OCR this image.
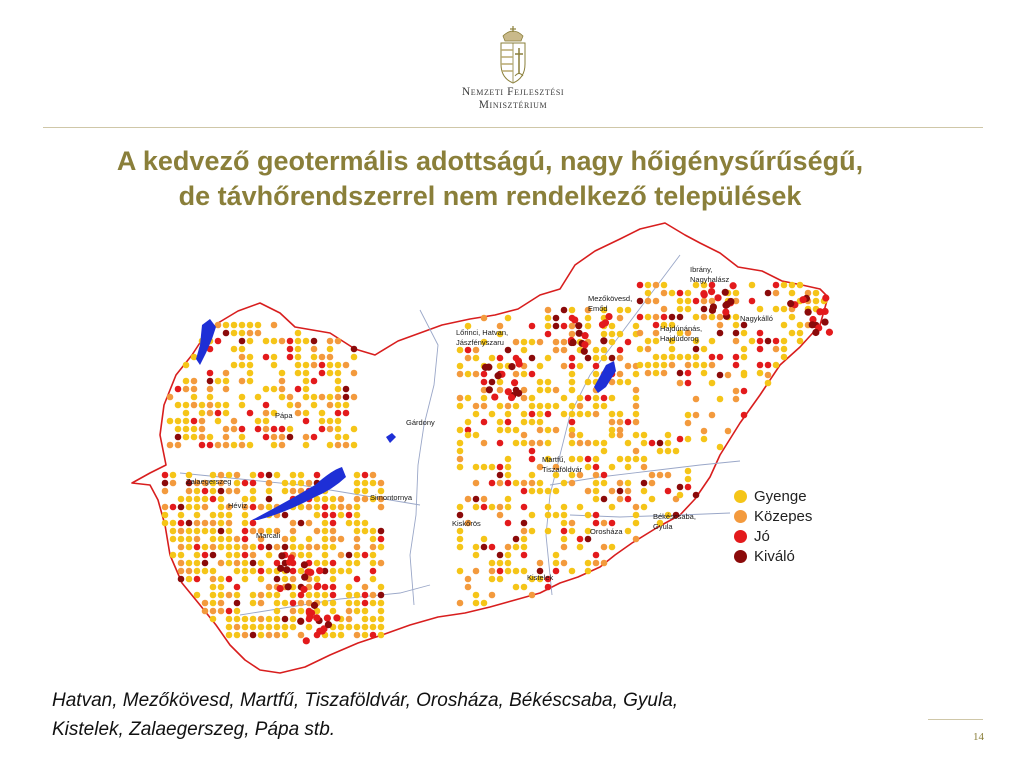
Nemzeti Fejlesztési
Minisztérium
A kedvező geotermális adottságú, nagy hőigénysűrűségű,
de távhőrendszerrel nem rendelkező települések
Ibrány,
Nagyhalász
Mezőkövesd,
Emőd
Nagykálló
Hajdúnánás,
Hajdúdorog
Lőrinci, Hatvan,
Jászfényszaru
Pápa
Gárdony
Martfű,
Tiszaföldvár
Zalaegerszeg
Hévíz
Simontornya
Marcali
Kiskőrös
Békéscsaba,
Gyula
Orosháza
Kistelek
Gyenge
Közepes
Jó
Kiváló
Hatvan, Mezőkövesd, Martfű, Tiszaföldvár, Orosháza, Békéscsaba, Gyula,
Kistelek, Zalaegerszeg, Pápa stb.	14
